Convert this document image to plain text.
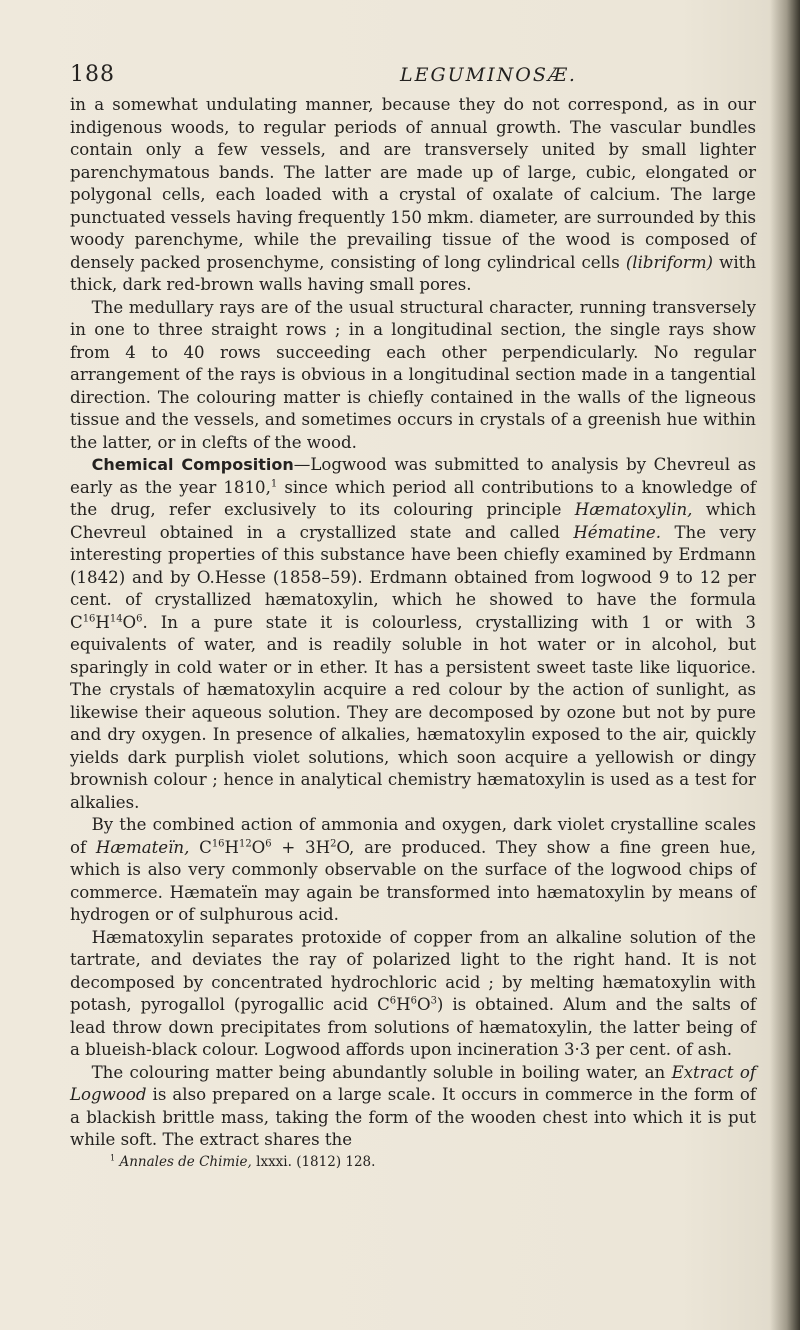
188	LEGUMINOSÆ.

in a somewhat undulating manner, because they do not correspond, as in our indigenous woods, to regular periods of annual growth. The vascular bundles contain only a few vessels, and are transversely united by small lighter parenchymatous bands. The latter are made up of large, cubic, elongated or polygonal cells, each loaded with a crystal of oxalate of calcium. The large punctuated vessels having frequently 150 mkm. diameter, are surrounded by this woody parenchyme, while the prevailing tissue of the wood is composed of densely packed prosenchyme, consisting of long cylindrical cells (libriform) with thick, dark red-brown walls having small pores.

The medullary rays are of the usual structural character, running transversely in one to three straight rows ; in a longitudinal section, the single rays show from 4 to 40 rows succeeding each other perpendicularly. No regular arrangement of the rays is obvious in a longitudinal section made in a tangential direction. The colouring matter is chiefly contained in the walls of the ligneous tissue and the vessels, and sometimes occurs in crystals of a greenish hue within the latter, or in clefts of the wood.

Chemical Composition—Logwood was submitted to analysis by Chevreul as early as the year 1810,$^1$ since which period all contributions to a knowledge of the drug, refer exclusively to its colouring principle Hæmatoxylin, which Chevreul obtained in a crystallized state and called Hématine. The very interesting properties of this substance have been chiefly examined by Erdmann (1842) and by O.Hesse (1858–59). Erdmann obtained from logwood 9 to 12 per cent. of crystallized hæmatoxylin, which he showed to have the formula $C^{16}H^{14}O^6$. In a pure state it is colourless, crystallizing with 1 or with 3 equivalents of water, and is readily soluble in hot water or in alcohol, but sparingly in cold water or in ether. It has a persistent sweet taste like liquorice. The crystals of hæmatoxylin acquire a red colour by the action of sunlight, as likewise their aqueous solution. They are decomposed by ozone but not by pure and dry oxygen. In presence of alkalies, hæmatoxylin exposed to the air, quickly yields dark purplish violet solutions, which soon acquire a yellowish or dingy brownish colour ; hence in analytical chemistry hæmatoxylin is used as a test for alkalies.

By the combined action of ammonia and oxygen, dark violet crystalline scales of Hæmateïn, $C^{16}H^{12}O^6 + 3H^2O$, are produced. They show a fine green hue, which is also very commonly observable on the surface of the logwood chips of commerce. Hæmateïn may again be transformed into hæmatoxylin by means of hydrogen or of sulphurous acid.

Hæmatoxylin separates protoxide of copper from an alkaline solution of the tartrate, and deviates the ray of polarized light to the right hand. It is not decomposed by concentrated hydrochloric acid ; by melting hæmatoxylin with potash, pyrogallol (pyrogallic acid $C^6H^6O^3$) is obtained. Alum and the salts of lead throw down precipitates from solutions of hæmatoxylin, the latter being of a blueish-black colour. Logwood affords upon incineration 3·3 per cent. of ash.

The colouring matter being abundantly soluble in boiling water, an Extract of Logwood is also prepared on a large scale. It occurs in commerce in the form of a blackish brittle mass, taking the form of the wooden chest into which it is put while soft. The extract shares the

$^1$ Annales de Chimie, lxxxi. (1812) 128.
